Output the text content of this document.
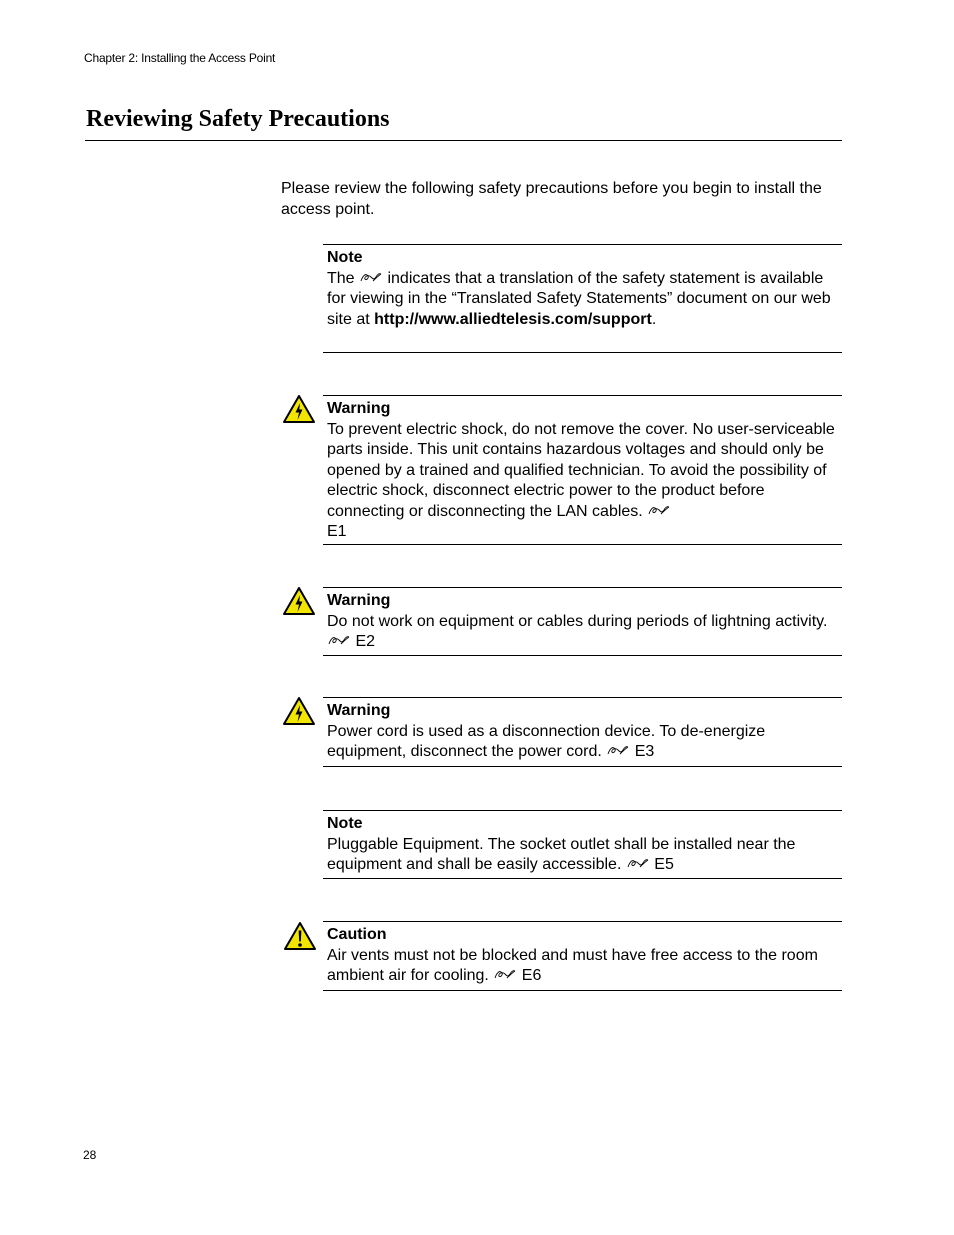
Chapter 2: Installing the Access Point
Reviewing Safety Precautions

Please review the following safety precautions before you begin to install the access point.

Note
The
indicates that a translation of the safety statement is available for viewing in the “Translated Safety Statements” document on our web site at http://www.alliedtelesis.com/support.
Warning
To prevent electric shock, do not remove the cover. No user-serviceable parts inside. This unit contains hazardous voltages and should only be opened by a trained and qualified technician. To avoid the possibility of electric shock, disconnect electric power to the product before connecting or disconnecting the LAN cables.

E1
Warning
Do not work on equipment or cables during periods of lightning activity.
E2
Warning
Power cord is used as a disconnection device. To de-energize equipment, disconnect the power cord.
E3
Note
Pluggable Equipment. The socket outlet shall be installed near the equipment and shall be easily accessible.
E5
Caution
Air vents must not be blocked and must have free access to the room ambient air for cooling.
E6
28
